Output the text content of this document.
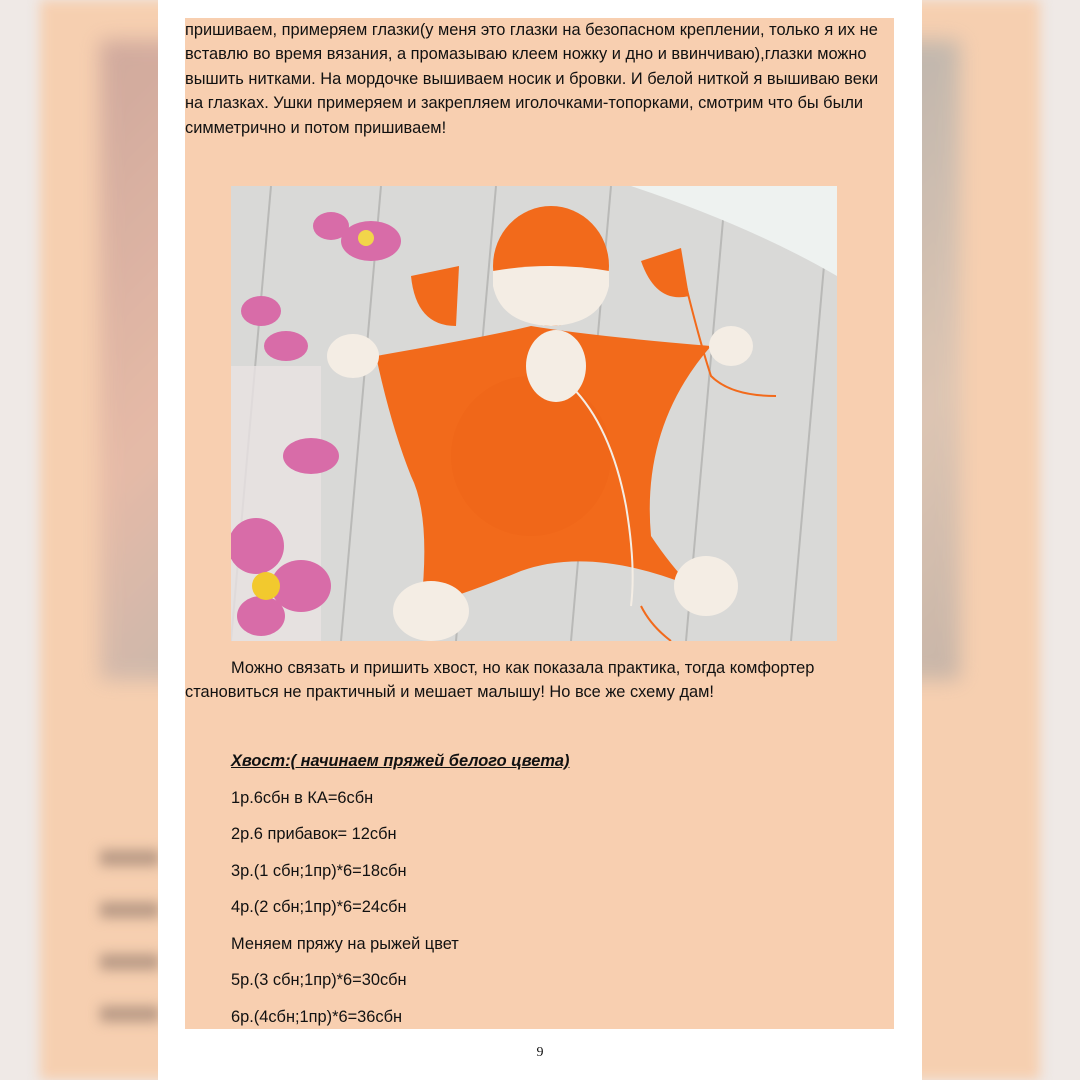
пришиваем, примеряем глазки(у меня это глазки на безопасном креплении, только я их не вставлю во время вязания, а промазываю клеем ножку и дно и ввинчиваю),глазки можно вышить нитками. На мордочке вышиваем носик и бровки. И белой ниткой я вышиваю веки на глазках. Ушки примеряем и закрепляем иголочками-топорками, смотрим что бы были симметрично и потом пришиваем!

Можно связать и пришить хвост, но как показала практика, тогда комфортер становиться не практичный и мешает малышу! Но все же схему дам!

Хвост:( начинаем пряжей белого цвета)

1р.6сбн в КА=6сбн

2р.6 прибавок= 12сбн

3р.(1 сбн;1пр)*6=18сбн

4р.(2 сбн;1пр)*6=24сбн

Меняем пряжу на рыжей цвет

5р.(3 сбн;1пр)*6=30сбн

6р.(4сбн;1пр)*6=36сбн

9
